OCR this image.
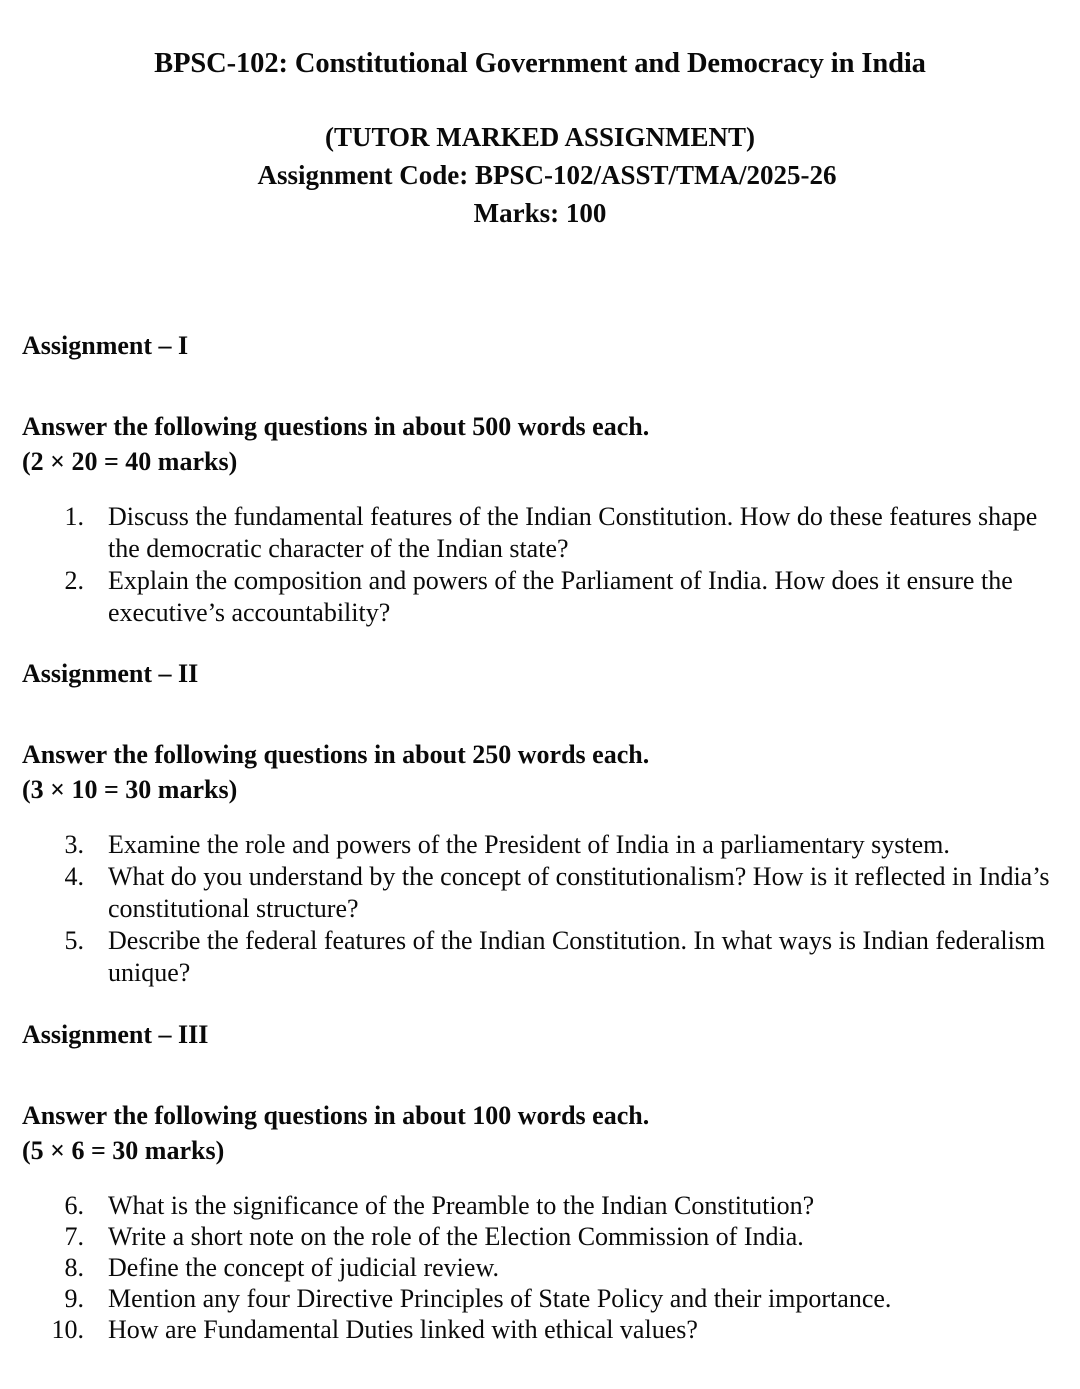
BPSC-102: Constitutional Government and Democracy in India
(TUTOR MARKED ASSIGNMENT)
Assignment Code: BPSC-102/ASST/TMA/2025-26
Marks: 100
Assignment – I
Answer the following questions in about 500 words each.
(2 × 20 = 40 marks)
1. Discuss the fundamental features of the Indian Constitution. How do these features shape the democratic character of the Indian state?
2. Explain the composition and powers of the Parliament of India. How does it ensure the executive’s accountability?
Assignment – II
Answer the following questions in about 250 words each.
(3 × 10 = 30 marks)
3. Examine the role and powers of the President of India in a parliamentary system.
4. What do you understand by the concept of constitutionalism? How is it reflected in India’s constitutional structure?
5. Describe the federal features of the Indian Constitution. In what ways is Indian federalism unique?
Assignment – III
Answer the following questions in about 100 words each.
(5 × 6 = 30 marks)
6. What is the significance of the Preamble to the Indian Constitution?
7. Write a short note on the role of the Election Commission of India.
8. Define the concept of judicial review.
9. Mention any four Directive Principles of State Policy and their importance.
10. How are Fundamental Duties linked with ethical values?
